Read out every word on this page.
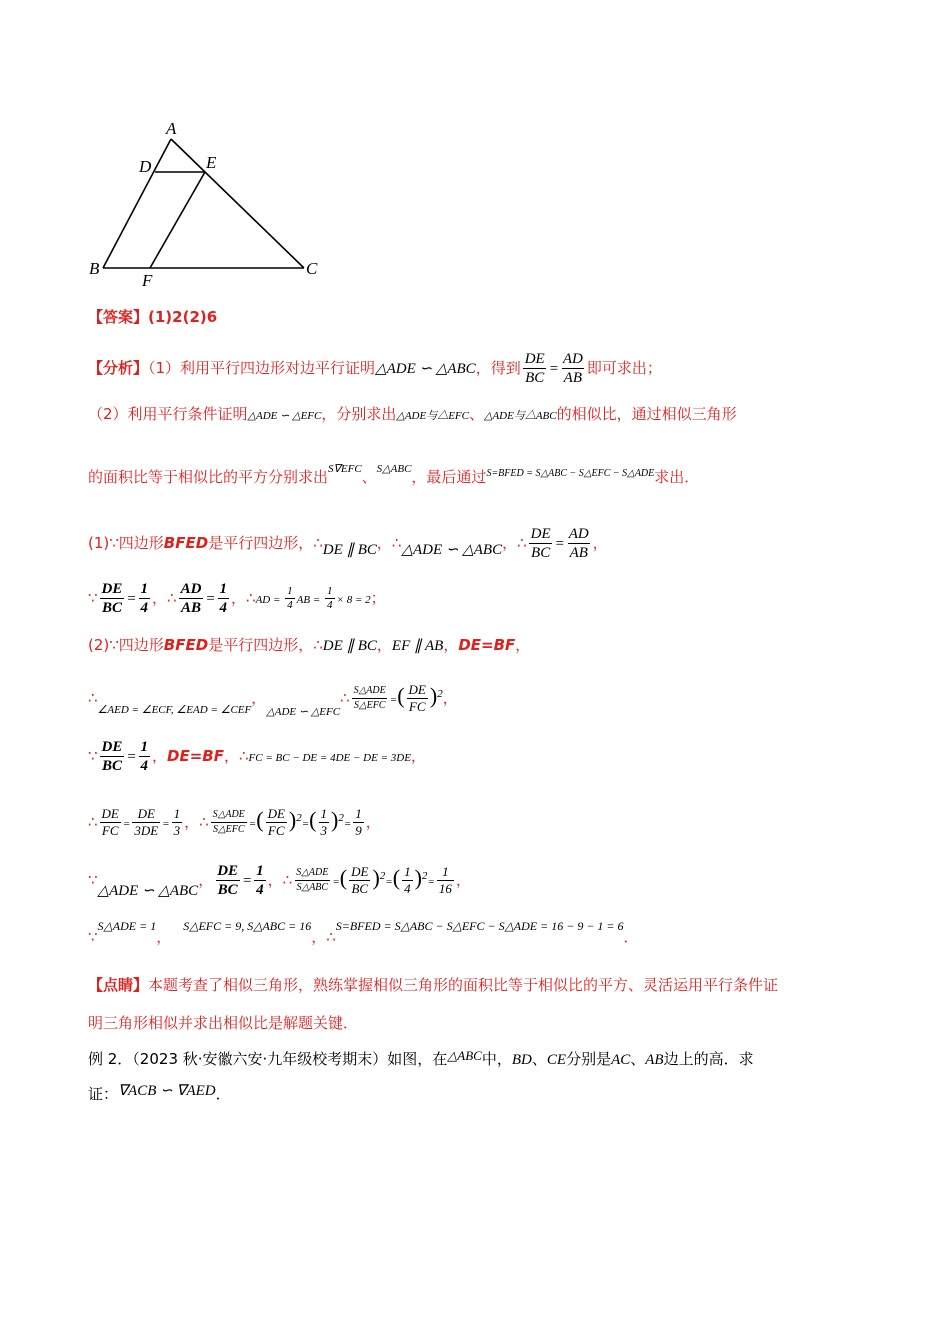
A
D	E
B
F
C
【答案】(1)2(2)6
【分析】（1）利用平行四边形对边平行证明△ADE ∽ △ABC，得到 $\frac{DE}{BC} = \frac{AD}{AB}$ 即可求出；
（2）利用平行条件证明△ADE ∽ △EFC，分别求出△ADE与△EFC、△ADE与△ABC的相似比，通过相似三角形
的面积比等于相似比的平方分别求出$^{S\nabla EFC}$、$^{S\triangle ABC}$，最后通过$^{S=BFED = S\triangle ABC - S\triangle EFC - S\triangle ADE}$求出．
(1)∵四边形BFED是平行四边形，∴DE ∥ BC，∴△ADE ∽ △ABC，∴ $\frac{DE}{BC} = \frac{AD}{AB}$ ，
∵ $\frac{DE}{BC} = \frac{1}{4}$ ，∴ $\frac{AD}{AB} = \frac{1}{4}$ ，∴AD = $\frac{1}{4}$ AB = $\frac{1}{4} \times 8 = 2$；
(2)∵四边形BFED是平行四边形，∴DE ∥ BC，EF ∥ AB，DE=BF，
$\therefore_{\angle AED = \angle ECF, \angle EAD = \angle CEF}$，$_{\triangle ADE ∽ \triangle EFC}$∴ $\frac{\text{S△ADE}}{\text{S△EFC}}$ =( $\frac{DE}{FC} )^2$，
∵ $\frac{DE}{BC} = \frac{1}{4}$ ，DE=BF，∴FC = BC − DE = 4DE − DE = 3DE，
∴ $\frac{DE}{FC} = \frac{DE}{3DE} = \frac{1}{3}$ ，∴ $\frac{\text{S△ADE}}{\text{S△EFC}}$ =( $\frac{DE}{FC} )^2=( \frac{1}{3} )^2= \frac{1}{9}$ ，
∵△ADE ∽ △ABC， $\frac{DE}{BC} = \frac{1}{4}$ ，∴ $\frac{\text{S△ADE}}{\text{S△ABC}}$ =( $\frac{DE}{BC} )^2=( \frac{1}{4} )^2= \frac{1}{16}$ ，
∵$^{S\triangle ADE = 1}$，$^{S\triangle EFC = 9, S\triangle ABC = 16}$，∴$^{S=BFED = S\triangle ABC - S\triangle EFC - S\triangle ADE = 16 - 9 - 1 = 6}$．
【点睛】本题考查了相似三角形，熟练掌握相似三角形的面积比等于相似比的平方、灵活运用平行条件证
明三角形相似并求出相似比是解题关键．
例 2．（2023 秋·安徽六安·九年级校考期末）如图，在△ABC中，BD、CE分别是AC、AB边上的高．求
证：∇ACB ∽ ∇AED．
